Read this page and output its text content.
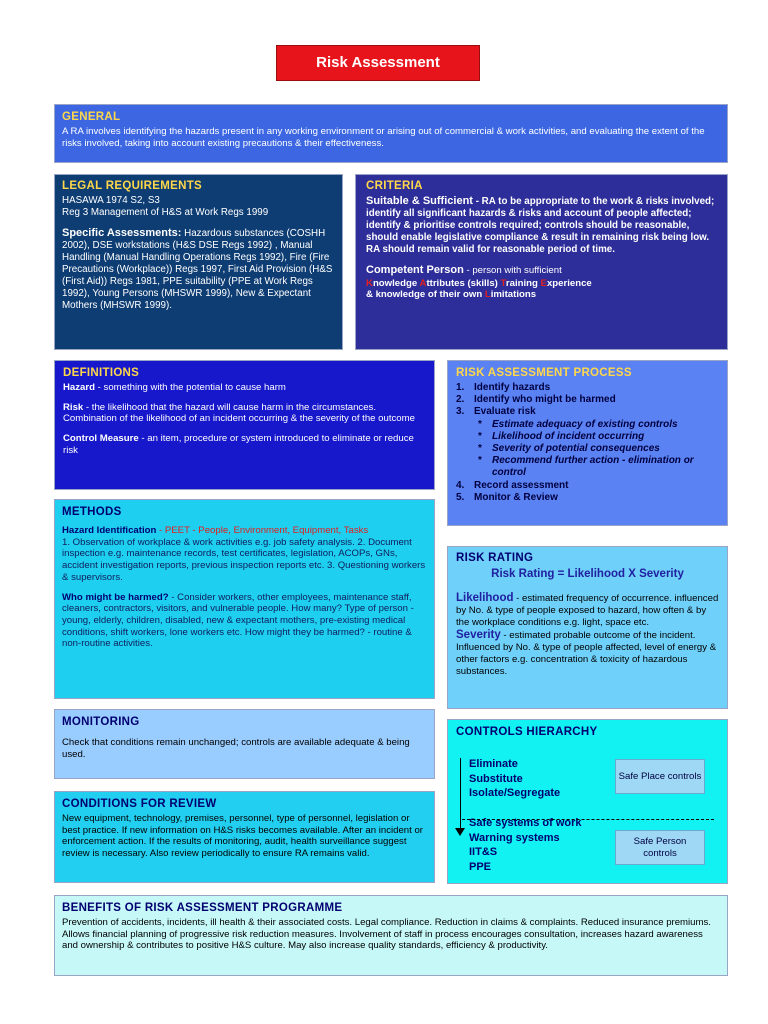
Risk Assessment
GENERAL

A RA involves identifying the hazards present in any working environment or arising out of commercial & work activities, and evaluating the extent of the risks involved, taking into account existing precautions & their effectiveness.

LEGAL REQUIREMENTS

HASAWA 1974 S2, S3

Reg 3 Management of H&S at Work Regs 1999

Specific Assessments: Hazardous substances (COSHH 2002), DSE workstations (H&S DSE Regs 1992) , Manual Handling (Manual Handling Operations Regs 1992), Fire (Fire Precautions (Workplace)) Regs 1997, First Aid Provision (H&S (First Aid)) Regs 1981, PPE suitability (PPE at Work Regs 1992), Young Persons (MHSWR 1999), New & Expectant Mothers (MHSWR 1999).

CRITERIA

Suitable & Sufficient - RA to be appropriate to the work & risks involved; identify all significant hazards & risks and account of people affected; identify & prioritise controls required; controls should be reasonable, should enable legislative compliance & result in remaining risk being low. RA should remain valid for reasonable period of time.

Competent Person - person with sufficient

Knowledge Attributes (skills) Training Experience

& knowledge of their own Limitations

DEFINITIONS

Hazard - something with the potential to cause harm

Risk - the likelihood that the hazard will cause harm in the circumstances. Combination of the likelihood of an incident occurring & the severity of the outcome

Control Measure - an item, procedure or system introduced to eliminate or reduce risk

RISK ASSESSMENT PROCESS
1. Identify hazards
2. Identify who might be harmed
3. Evaluate risk
* Estimate adequacy of existing controls
* Likelihood of incident occurring
* Severity of potential consequences
* Recommend further action - elimination or control
4. Record assessment
5. Monitor & Review
METHODS

Hazard Identification - PEET - People, Environment, Equipment, Tasks

1. Observation of workplace & work activities e.g. job safety analysis. 2. Document inspection e.g. maintenance records, test certificates, legislation, ACOPs, GNs, accident investigation reports, previous inspection reports etc. 3. Questioning workers & supervisors.

Who might be harmed? - Consider workers, other employees, maintenance staff, cleaners, contractors, visitors, and vulnerable people. How many? Type of person - young, elderly, children, disabled, new & expectant mothers, pre-existing medical conditions, shift workers, lone workers etc. How might they be harmed? - routine & non-routine activities.

RISK RATING

Risk Rating = Likelihood X Severity

Likelihood - estimated frequency of occurrence. influenced by No. & type of people exposed to hazard, how often & by the workplace conditions e.g. light, space etc.

Severity - estimated probable outcome of the incident. Influenced by No. & type of people affected, level of energy & other factors e.g. concentration & toxicity of hazardous substances.

MONITORING

Check that conditions remain unchanged; controls are available adequate & being used.

CONTROLS HIERARCHY
Eliminate
Substitute
Isolate/Segregate
Safe systems of work
Warning systems
IIT&S
PPE
Safe Place controls
Safe Person controls
CONDITIONS FOR REVIEW

New equipment, technology, premises, personnel, type of personnel, legislation or best practice. If new information on H&S risks becomes available. After an incident or enforcement action. If the results of monitoring, audit, health surveillance suggest review is necessary. Also review periodically to ensure RA remains valid.

BENEFITS OF RISK ASSESSMENT PROGRAMME

Prevention of accidents, incidents, ill health & their associated costs. Legal compliance. Reduction in claims & complaints. Reduced insurance premiums. Allows financial planning of progressive risk reduction measures. Involvement of staff in process encourages consultation, increases hazard awareness and ownership & contributes to positive H&S culture. May also increase quality standards, efficiency & productivity.
